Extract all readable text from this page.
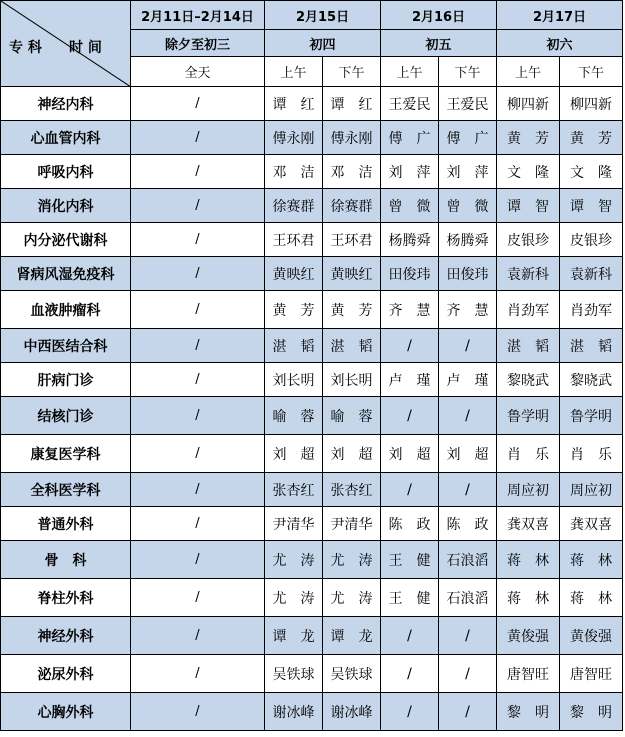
专 科 时 间	2月11日–2月14日	2月15日		2月16日		2月17日	
	除夕至初三	初四		初五		初六	
	全天	上午	下午	上午	下午	上午	下午
神经内科	/	谭　红	谭　红	王爱民	王爱民	柳四新	柳四新
心血管内科	/	傅永刚	傅永刚	傅　广	傅　广	黄　芳	黄　芳
呼吸内科	/	邓　洁	邓　洁	刘　萍	刘　萍	文　隆	文　隆
消化内科	/	徐赛群	徐赛群	曾　微	曾　微	谭　智	谭　智
内分泌代谢科	/	王环君	王环君	杨腾舜	杨腾舜	皮银珍	皮银珍
肾病风湿免疫科	/	黄映红	黄映红	田俊玮	田俊玮	袁新科	袁新科
血液肿瘤科	/	黄　芳	黄　芳	齐　慧	齐　慧	肖劲军	肖劲军
中西医结合科	/	湛　韬	湛　韬	/	/	湛　韬	湛　韬
肝病门诊	/	刘长明	刘长明	卢　瑾	卢　瑾	黎晓武	黎晓武
结核门诊	/	喻　蓉	喻　蓉	/	/	鲁学明	鲁学明
康复医学科	/	刘　超	刘　超	刘　超	刘　超	肖　乐	肖　乐
全科医学科	/	张杏红	张杏红	/	/	周应初	周应初
普通外科	/	尹清华	尹清华	陈　政	陈　政	龚双喜	龚双喜
骨　科	/	尤　涛	尤　涛	王　健	石浪滔	蒋　林	蒋　林
脊柱外科	/	尤　涛	尤　涛	王　健	石浪滔	蒋　林	蒋　林
神经外科	/	谭　龙	谭　龙	/	/	黄俊强	黄俊强
泌尿外科	/	吴铁球	吴铁球	/	/	唐智旺	唐智旺
心胸外科	/	谢冰峰	谢冰峰	/	/	黎　明	黎　明
